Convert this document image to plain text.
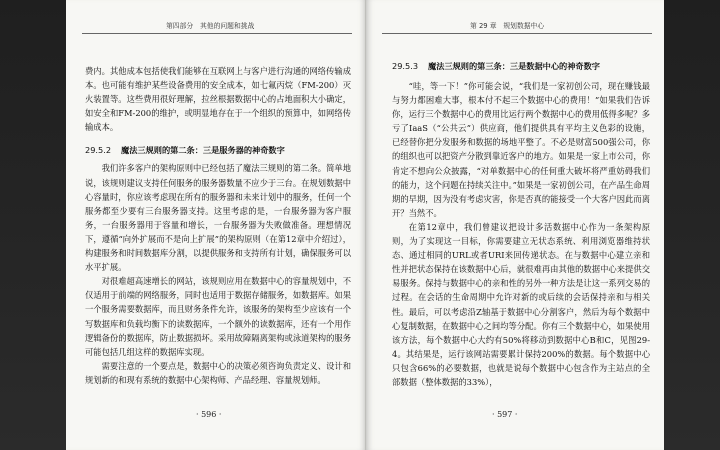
第四部分　其他的问题和挑战

费内。其他成本包括使我们能够在互联网上与客户进行沟通的网络传输成本。也可能有维护某些设备费用的安全成本，如七氟丙烷（FM-200）灭火装置等。这些费用很好理解，拉丝根据数据中心的占地面积大小确定，如安全和FM-200的维护，或明显地存在于一个组织的预算中，如网络传输成本。

29.5.2 魔法三规则的第二条：三是服务器的神奇数字

我们许多客户的架构原则中已经包括了魔法三规则的第二条。简单地说，该规则建议支持任何服务的服务器数量不应少于三台。在规划数据中心容量时，你应该考虑现在所有的服务器和未来计划中的服务，任何一个服务都至少要有三台服务器支持。这里考虑的是，一台服务器为客户服务，一台服务器用于容量和增长，一台服务器为失败做准备。理想情况下，遵循“向外扩展而不是向上扩展”的架构原则（在第12章中介绍过），构建服务和时间数据库分割，以提供服务和支持所有计划，确保服务可以水平扩展。

对很难超高速增长的网站，该规则应用在数据中心的容量规划中，不仅适用于前端的网络服务，同时也适用于数据存储服务，如数据库。如果一个服务需要数据库，而且财务条件允许，该服务的架构至少应该有一个写数据库和负载均衡下的读数据库，一个额外的读数据库，还有一个用作逻辑备份的数据库，防止数据损坏。采用故障隔离架构或泳道架构的服务可能包括几组这样的数据库实现。

需要注意的一个要点是，数据中心的决策必须咨询负责定义、设计和规划新的和现有系统的数据中心架构师、产品经理、容量规划师。

· 596 ·
第 29 章　规划数据中心
29.5.3 魔法三规则的第三条：三是数据中心的神奇数字

“哇，等一下！”你可能会说，“我们是一家初创公司，现在赚钱最与努力都困难大事，根本付不起三个数据中心的费用！”如果我们告诉你，运行三个数据中心的费用比运行两个数据中心的费用低得多呢？多亏了IaaS（“公共云”）供应商，他们提供具有平均主义色彩的设施，已经替你把分发服务和数据的场地平整了。不必是财富500强公司，你的组织也可以把资产分散到靠近客户的地方。如果是一家上市公司，你肯定不想向公众披露，“对单数据中心的任何重大破坏将严重妨碍我们的能力，这个问题在持续关注中。”如果是一家初创公司，在产品生命周期的早期，因为没有考虑灾害，你是否真的能接受一个大客户因此而离开？当然不。

在第12章中，我们曾建议把设计多活数据中心作为一条架构原则，为了实现这一目标，你需要建立无状态系统、利用浏览器维持状态、通过相同的URL或者URI来回传递状态。在与数据中心建立亲和性并把状态保持在该数据中心后，就很难再由其他的数据中心来提供交易服务。保持与数据中心的亲和性的另外一种方法是让这一系列交易的过程。在会话的生命周期中允许对新的或后续的会话保持亲和与相关性。最后，可以考虑沿Z轴基于数据中心分割客户，然后为每个数据中心复制数据，在数据中心之间均等分配。你有三个数据中心，如果使用该方法，每个数据中心大约有50%将移动到数据中心B和C，见图29-4。其结果是，运行该网站需要累计保持200%的数据。每个数据中心只包含66%的必要数据，也就是说每个数据中心包含作为主站点的全部数据（整体数据的33%），

· 597 ·
